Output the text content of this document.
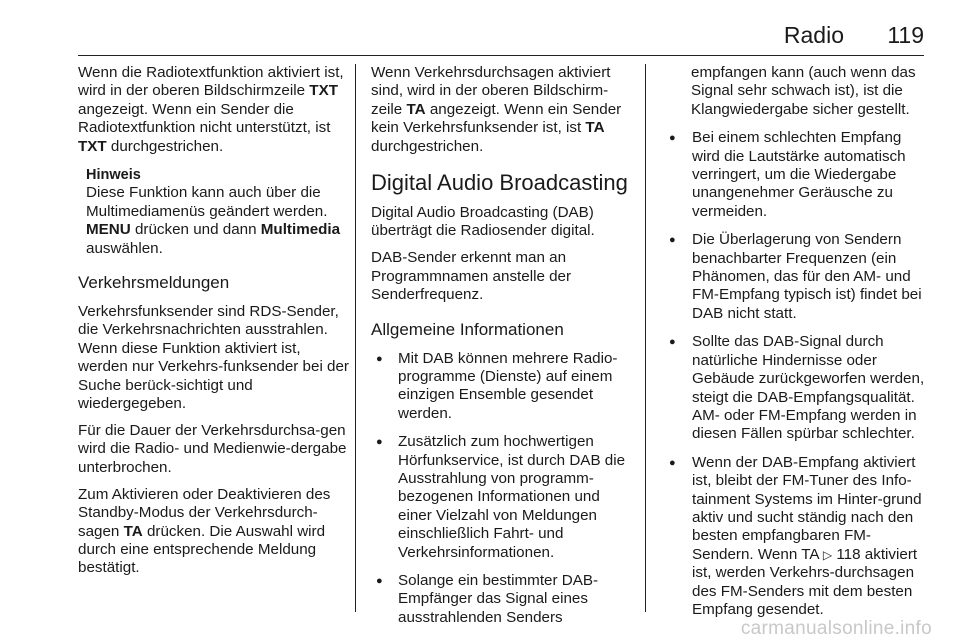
Radio 119

Wenn die Radiotextfunktion aktiviert ist, wird in der oberen Bildschirmzeile TXT angezeigt. Wenn ein Sender die Radiotextfunktion nicht unterstützt, ist TXT durchgestrichen.

Hinweis
Diese Funktion kann auch über die Multimediamenüs geändert werden. MENU drücken und dann Multimedia auswählen.
Verkehrsmeldungen

Verkehrsfunksender sind RDS-Sender, die Verkehrsnachrichten ausstrahlen. Wenn diese Funktion aktiviert ist, werden nur Verkehrs-funksender bei der Suche berück-sichtigt und wiedergegeben.

Für die Dauer der Verkehrsdurchsa-gen wird die Radio- und Medienwie-dergabe unterbrochen.

Zum Aktivieren oder Deaktivieren des Standby-Modus der Verkehrsdurch-sagen TA drücken. Die Auswahl wird durch eine entsprechende Meldung bestätigt.

Wenn Verkehrsdurchsagen aktiviert sind, wird in der oberen Bildschirm-zeile TA angezeigt. Wenn ein Sender kein Verkehrsfunksender ist, ist TA durchgestrichen.

Digital Audio Broadcasting

Digital Audio Broadcasting (DAB) überträgt die Radiosender digital.

DAB-Sender erkennt man an Programmnamen anstelle der Senderfrequenz.

Allgemeine Informationen
● Mit DAB können mehrere Radio-programme (Dienste) auf einem einzigen Ensemble gesendet werden.
● Zusätzlich zum hochwertigen Hörfunkservice, ist durch DAB die Ausstrahlung von programm-bezogenen Informationen und einer Vielzahl von Meldungen einschließlich Fahrt- und Verkehrsinformationen.
● Solange ein bestimmter DAB-Empfänger das Signal eines ausstrahlenden Senders
empfangen kann (auch wenn das Signal sehr schwach ist), ist die Klangwiedergabe sicher gestellt.
● Bei einem schlechten Empfang wird die Lautstärke automatisch verringert, um die Wiedergabe unangenehmer Geräusche zu vermeiden.
● Die Überlagerung von Sendern benachbarter Frequenzen (ein Phänomen, das für den AM- und FM-Empfang typisch ist) findet bei DAB nicht statt.
● Sollte das DAB-Signal durch natürliche Hindernisse oder Gebäude zurückgeworfen werden, steigt die DAB-Empfangsqualität. AM- oder FM-Empfang werden in diesen Fällen spürbar schlechter.
● Wenn der DAB-Empfang aktiviert ist, bleibt der FM-Tuner des Info-tainment Systems im Hinter-grund aktiv und sucht ständig nach den besten empfangbaren FM-Sendern. Wenn TA ▷ 118 aktiviert ist, werden Verkehrs-durchsagen des FM-Senders mit dem besten Empfang gesendet.
carmanualsonline.info
